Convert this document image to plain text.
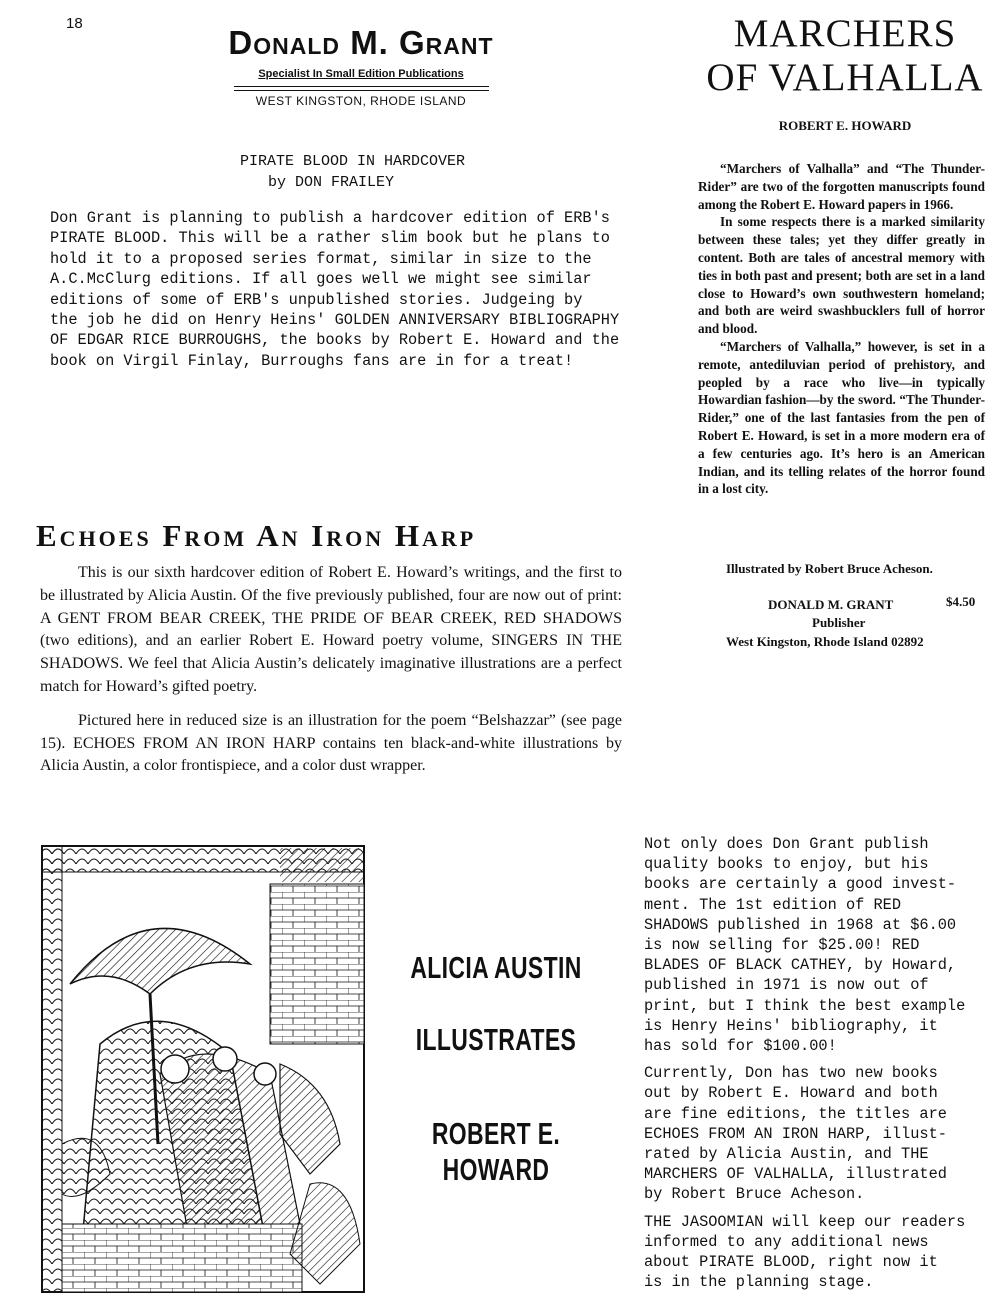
18
Donald M. Grant
Specialist In Small Edition Publications
WEST KINGSTON, RHODE ISLAND
PIRATE BLOOD IN HARDCOVER
by DON FRAILEY
Don Grant is planning to publish a hardcover edition of ERB's
PIRATE BLOOD. This will be a rather slim book but he plans to
hold it to a proposed series format, similar in size to the
A.C.McClurg editions. If all goes well we might see similar
editions of some of ERB's unpublished stories. Judgeing by
the job he did on Henry Heins' GOLDEN ANNIVERSARY BIBLIOGRAPHY
OF EDGAR RICE BURROUGHS, the books by Robert E. Howard and the
book on Virgil Finlay, Burroughs fans are in for a treat!
MARCHERS
OF VALHALLA
ROBERT E. HOWARD

“Marchers of Valhalla” and “The Thunder-Rider” are two of the forgotten manuscripts found among the Robert E. Howard papers in 1966.

In some respects there is a marked similarity between these tales; yet they differ greatly in content. Both are tales of ancestral memory with ties in both past and present; both are set in a land close to Howard’s own southwestern homeland; and both are weird swashbucklers full of horror and blood.

“Marchers of Valhalla,” however, is set in a remote, antediluvian period of prehistory, and peopled by a race who live—in typically Howardian fashion—by the sword. “The Thunder-Rider,” one of the last fantasies from the pen of Robert E. Howard, is set in a more modern era of a few centuries ago. It’s hero is an American Indian, and its telling relates of the horror found in a lost city.

Illustrated by Robert Bruce Acheson.
DONALD M. GRANT	$4.50
Publisher
West Kingston, Rhode Island 02892
Echoes From An Iron Harp

This is our sixth hardcover edition of Robert E. Howard’s writings, and the first to be illustrated by Alicia Austin. Of the five previously published, four are now out of print: A GENT FROM BEAR CREEK, THE PRIDE OF BEAR CREEK, RED SHADOWS (two editions), and an earlier Robert E. Howard poetry volume, SINGERS IN THE SHADOWS. We feel that Alicia Austin’s delicately imaginative illustrations are a perfect match for Howard’s gifted poetry.

Pictured here in reduced size is an illustration for the poem “Belshazzar” (see page 15). ECHOES FROM AN IRON HARP contains ten black-and-white illustrations by Alicia Austin, a color frontispiece, and a color dust wrapper.

ALICIA AUSTIN
ILLUSTRATES
ROBERT E. HOWARD

Not only does Don Grant publish
quality books to enjoy, but his
books are certainly a good invest-
ment. The 1st edition of RED
SHADOWS published in 1968 at $6.00
is now selling for $25.00! RED
BLADES OF BLACK CATHEY, by Howard,
published in 1971 is now out of
print, but I think the best example
is Henry Heins' bibliography, it
has sold for $100.00!

Currently, Don has two new books
out by Robert E. Howard and both
are fine editions, the titles are
ECHOES FROM AN IRON HARP, illust-
rated by Alicia Austin, and THE
MARCHERS OF VALHALLA, illustrated
by Robert Bruce Acheson.

THE JASOOMIAN will keep our readers
informed to any additional news
about PIRATE BLOOD, right now it
is in the planning stage.
